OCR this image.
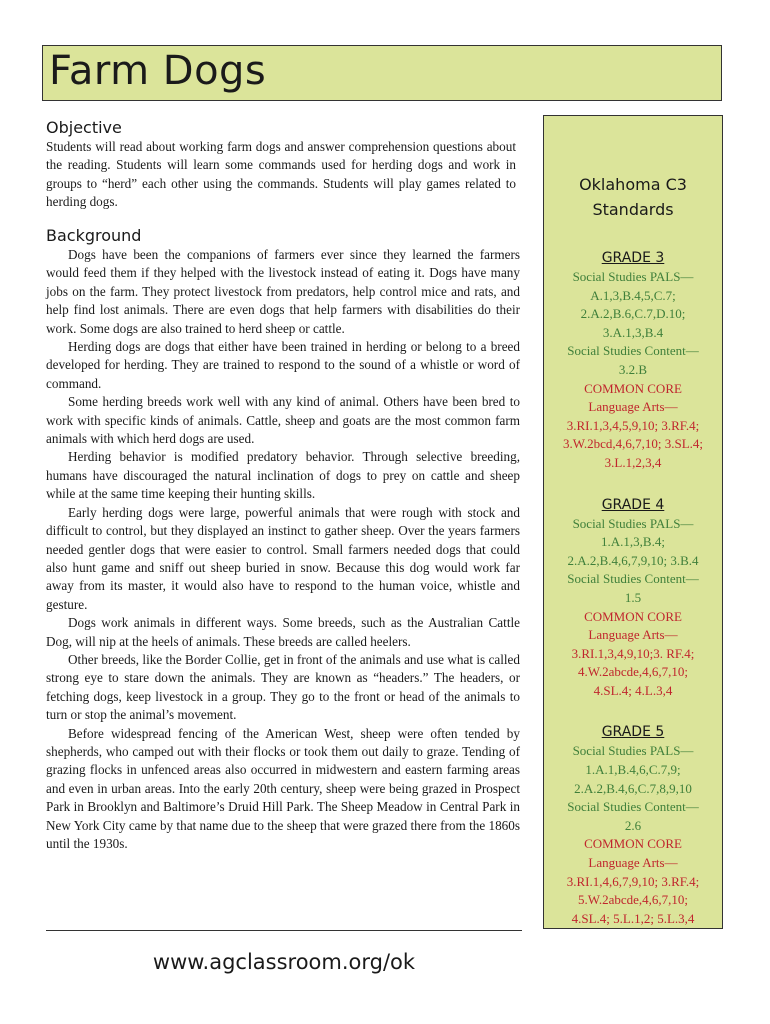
Farm Dogs
Objective
Students will read about working farm dogs and answer comprehension questions about the reading. Students will learn some commands used for herding dogs and work in groups to “herd” each other using the commands. Students will play games related to herding dogs.
Background

Dogs have been the companions of farmers ever since they learned the farmers would feed them if they helped with the livestock instead of eating it. Dogs have many jobs on the farm. They protect livestock from predators, help control mice and rats, and help find lost animals. There are even dogs that help farmers with disabilities do their work. Some dogs are also trained to herd sheep or cattle.

Herding dogs are dogs that either have been trained in herding or belong to a breed developed for herding. They are trained to respond to the sound of a whistle or word of command.

Some herding breeds work well with any kind of animal. Others have been bred to work with specific kinds of animals. Cattle, sheep and goats are the most common farm animals with which herd dogs are used.

Herding behavior is modified predatory behavior. Through selective breeding, humans have discouraged the natural inclination of dogs to prey on cattle and sheep while at the same time keeping their hunting skills.

Early herding dogs were large, powerful animals that were rough with stock and difficult to control, but they displayed an instinct to gather sheep. Over the years farmers needed gentler dogs that were easier to control. Small farmers needed dogs that could also hunt game and sniff out sheep buried in snow. Because this dog would work far away from its master, it would also have to respond to the human voice, whistle and gesture.

Dogs work animals in different ways. Some breeds, such as the Australian Cattle Dog, will nip at the heels of animals. These breeds are called heelers.

Other breeds, like the Border Collie, get in front of the animals and use what is called strong eye to stare down the animals. They are known as “headers.” The headers, or fetching dogs, keep livestock in a group. They go to the front or head of the animals to turn or stop the animal’s movement.

Before widespread fencing of the American West, sheep were often tended by shepherds, who camped out with their flocks or took them out daily to graze. Tending of grazing flocks in unfenced areas also occurred in midwestern and eastern farming areas and even in urban areas. Into the early 20th century, sheep were being grazed in Prospect Park in Brooklyn and Baltimore’s Druid Hill Park. The Sheep Meadow in Central Park in New York City came by that name due to the sheep that were grazed there from the 1860s until the 1930s.

www.agclassroom.org/ok
Oklahoma C3 Standards
GRADE 3
Social Studies PALS—
A.1,3,B.4,5,C.7;
2.A.2,B.6,C.7,D.10;
3.A.1,3,B.4
Social Studies Content—
3.2.B
COMMON CORE
Language Arts—
3.RI.1,3,4,5,9,10; 3.RF.4;
3.W.2bcd,4,6,7,10; 3.SL.4;
3.L.1,2,3,4
GRADE 4
Social Studies PALS—
1.A.1,3,B.4;
2.A.2,B.4,6,7,9,10; 3.B.4
Social Studies Content—
1.5
COMMON CORE
Language Arts—
3.RI.1,3,4,9,10;3. RF.4;
4.W.2abcde,4,6,7,10;
4.SL.4; 4.L.3,4
GRADE 5
Social Studies PALS—
1.A.1,B.4,6,C.7,9;
2.A.2,B.4,6,C.7,8,9,10
Social Studies Content—
2.6
COMMON CORE
Language Arts—
3.RI.1,4,6,7,9,10; 3.RF.4;
5.W.2abcde,4,6,7,10;
4.SL.4; 5.L.1,2; 5.L.3,4
